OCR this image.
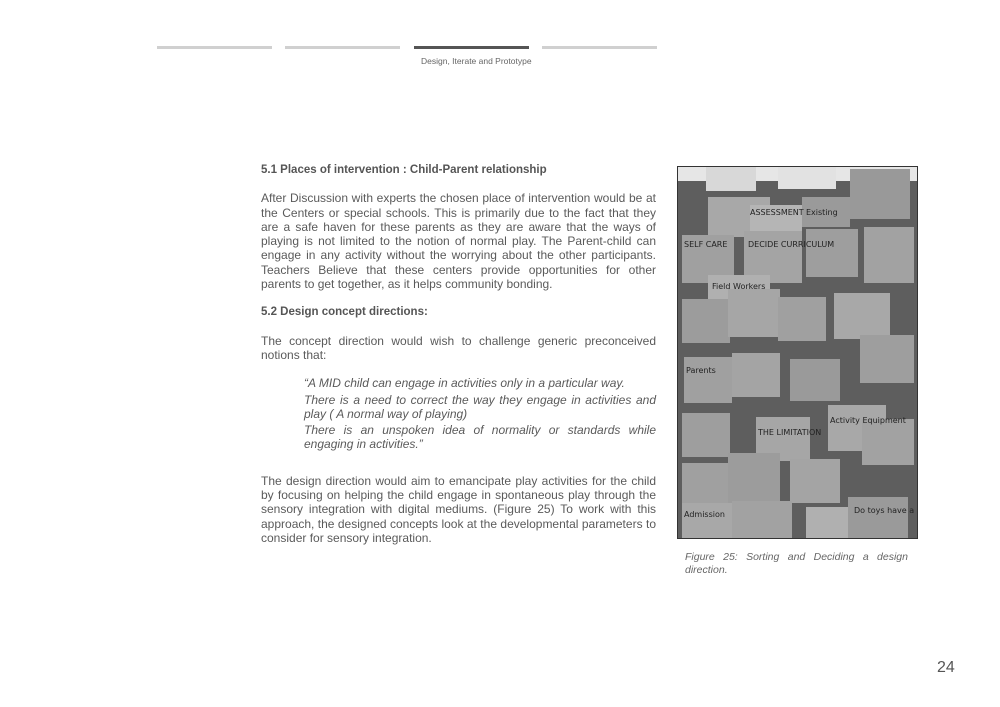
Design, Iterate and Prototype
5.1 Places of intervention : Child-Parent relationship

After Discussion with experts the chosen place of intervention would be at the Centers or special schools. This is primarily due to the fact that they are a safe haven for these parents as they are aware that the ways of playing is not limited to the notion of normal play. The Parent-child can engage in any activity without the worrying about the other participants. Teachers Believe that these centers provide opportunities for other parents to get together, as it helps community bonding.

5.2 Design concept directions:

The concept direction would wish to challenge generic preconceived notions that:

“A MID child can engage in activities only in a particular way.
There is a need to correct the way they engage in activities and play ( A normal way of playing)
There is an unspoken idea of normality or standards while engaging in activities.”

The design direction would aim to emancipate play activities for the child by focusing on helping the child engage in spontaneous play through the sensory integration with digital mediums. (Figure 25) To work with this approach, the designed concepts look at the developmental parameters to consider for sensory integration.

ASSESSMENT Existing
SELF CARE	DECIDE CURRICULUM
Field Workers
Parents
THE LIMITATION
Activity Equipment
Admission	Do toys have a
Figure 25: Sorting and Deciding a design direction.
24
